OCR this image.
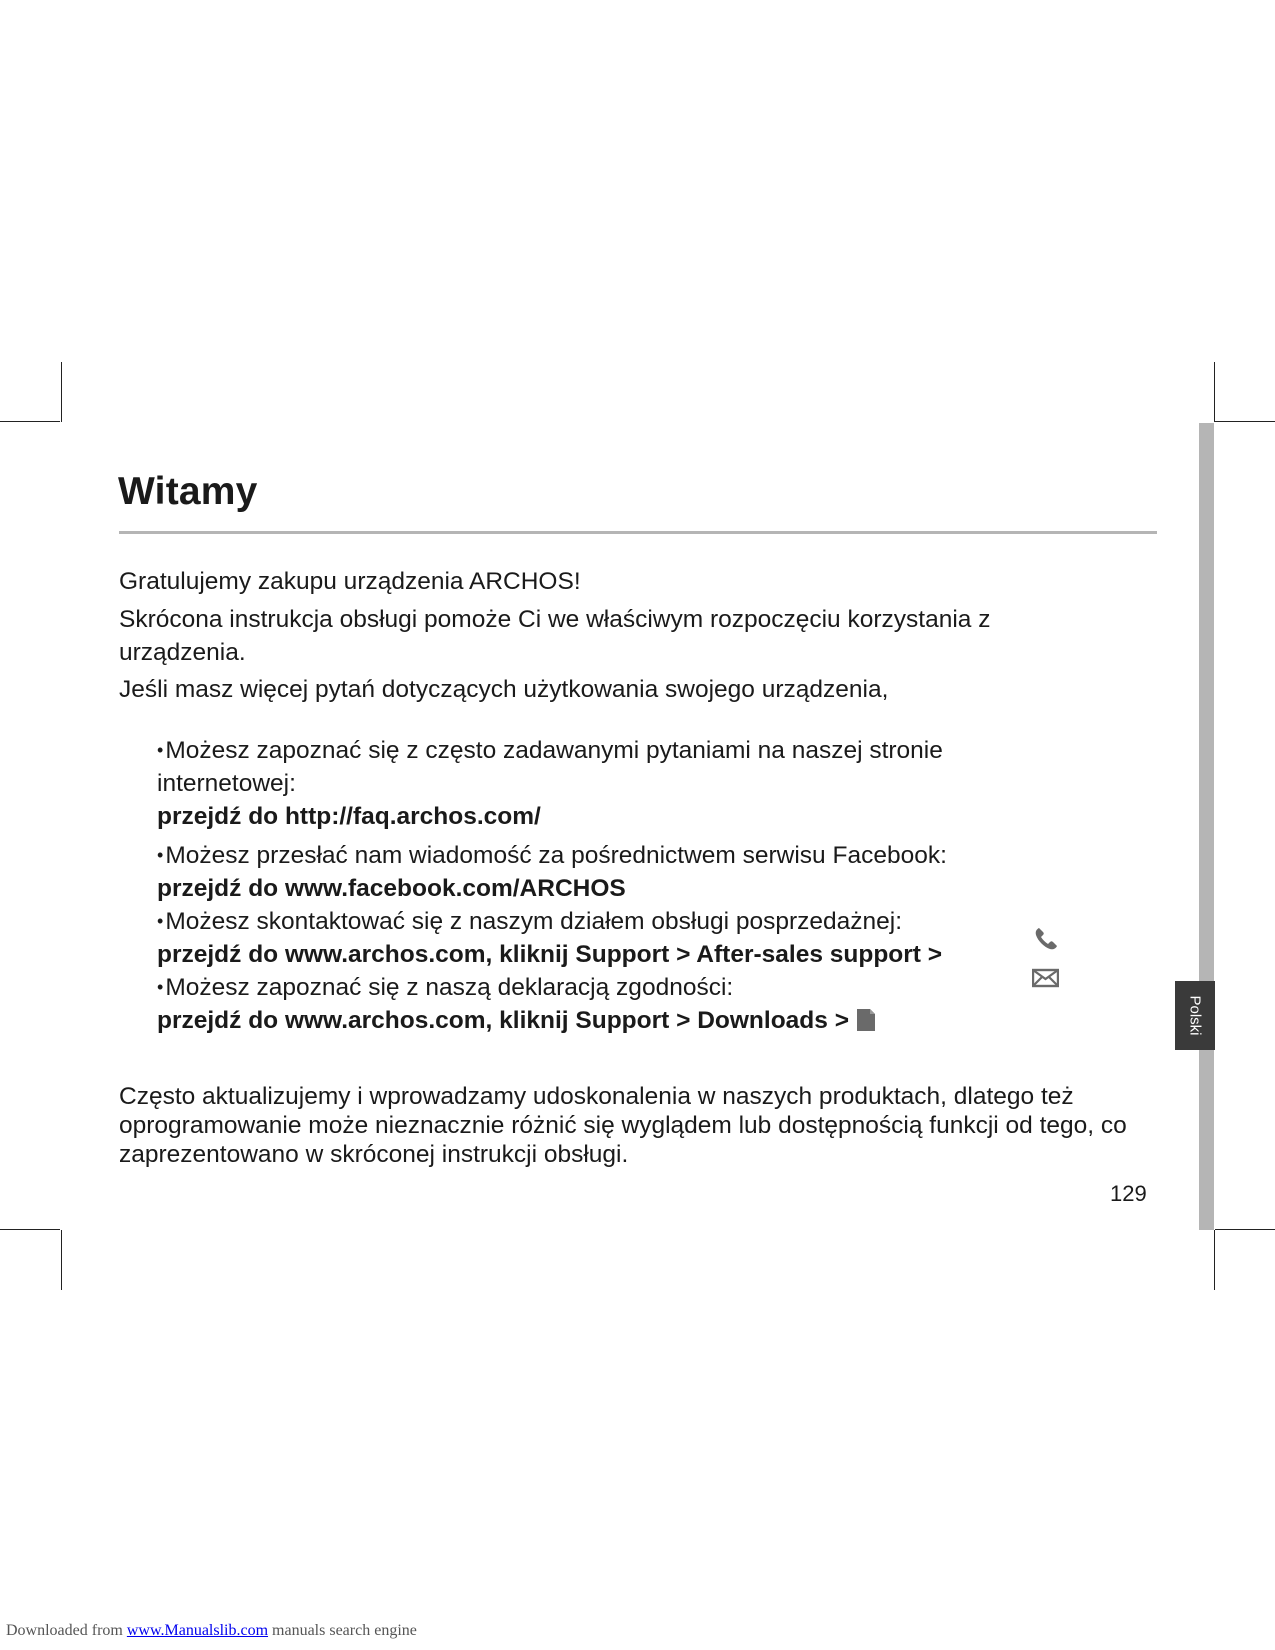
Polski
Witamy

Gratulujemy zakupu urządzenia ARCHOS!

Skrócona instrukcja obsługi pomoże Ci we właściwym rozpoczęciu korzystania z urządzenia.

Jeśli masz więcej pytań dotyczących użytkowania swojego urządzenia,

•Możesz zapoznać się z często zadawanymi pytaniami na naszej stronie

internetowej:

przejdź do http://faq.archos.com/

•Możesz przesłać nam wiadomość za pośrednictwem serwisu Facebook:

przejdź do www.facebook.com/ARCHOS

•Możesz skontaktować się z naszym działem obsługi posprzedażnej:

przejdź do www.archos.com, kliknij Support > After-sales support >

•Możesz zapoznać się z naszą deklaracją zgodności:

przejdź do www.archos.com, kliknij Support > Downloads >

Często aktualizujemy i wprowadzamy udoskonalenia w naszych produktach, dlatego też oprogramowanie może nieznacznie różnić się wyglądem lub dostępnością funkcji od tego, co zaprezentowano w skróconej instrukcji obsługi.

129
Downloaded from www.Manualslib.com manuals search engine
